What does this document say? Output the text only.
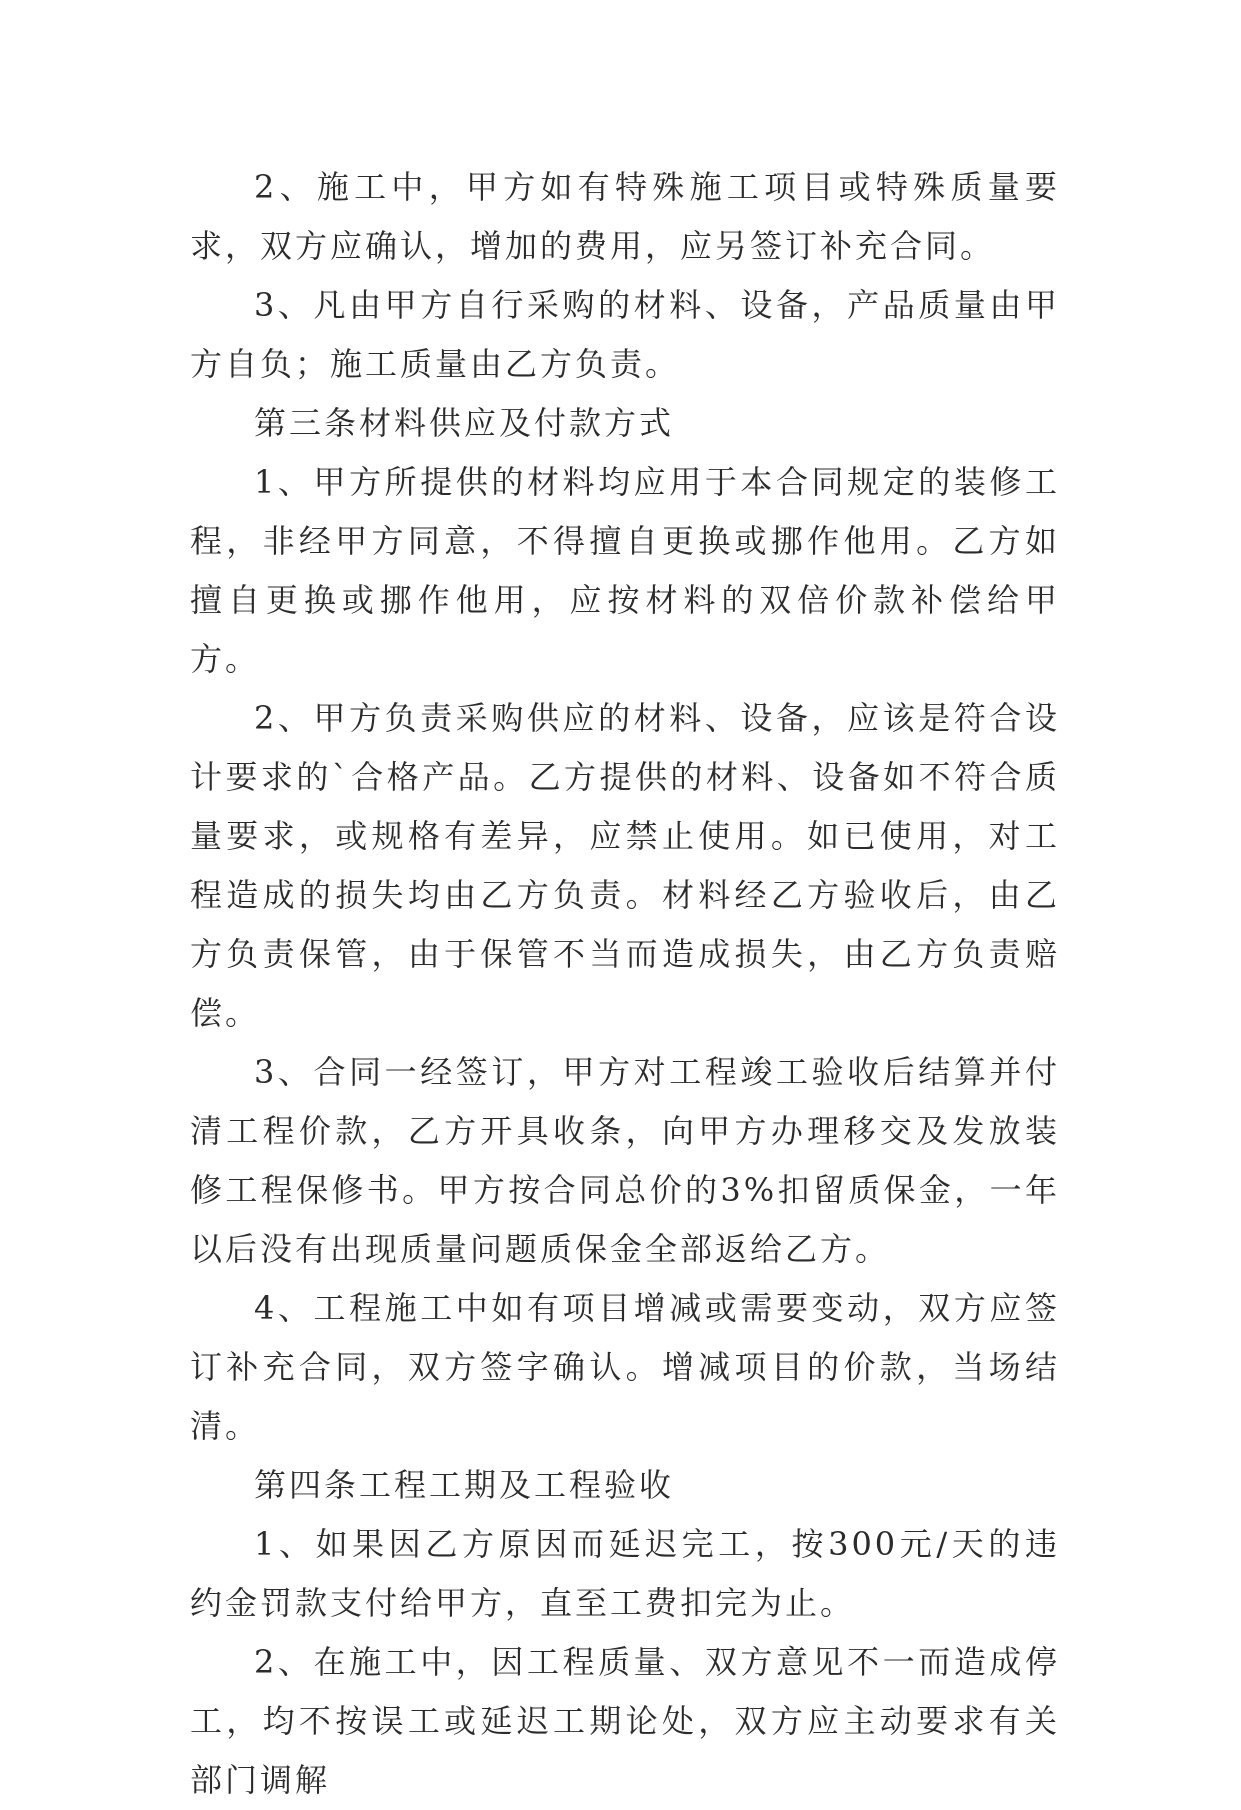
2、施工中，甲方如有特殊施工项目或特殊质量要求，双方应确认，增加的费用，应另签订补充合同。

3、凡由甲方自行采购的材料、设备，产品质量由甲方自负；施工质量由乙方负责。

第三条材料供应及付款方式

1、甲方所提供的材料均应用于本合同规定的装修工程，非经甲方同意，不得擅自更换或挪作他用。乙方如擅自更换或挪作他用，应按材料的双倍价款补偿给甲方。

2、甲方负责采购供应的材料、设备，应该是符合设计要求的`合格产品。乙方提供的材料、设备如不符合质量要求，或规格有差异，应禁止使用。如已使用，对工程造成的损失均由乙方负责。材料经乙方验收后，由乙方负责保管，由于保管不当而造成损失，由乙方负责赔偿。

3、合同一经签订，甲方对工程竣工验收后结算并付清工程价款，乙方开具收条，向甲方办理移交及发放装修工程保修书。甲方按合同总价的3%扣留质保金，一年以后没有出现质量问题质保金全部返给乙方。

4、工程施工中如有项目增减或需要变动，双方应签订补充合同，双方签字确认。增减项目的价款，当场结清。

第四条工程工期及工程验收

1、如果因乙方原因而延迟完工，按300元/天的违约金罚款支付给甲方，直至工费扣完为止。

2、在施工中，因工程质量、双方意见不一而造成停工，均不按误工或延迟工期论处，双方应主动要求有关部门调解
